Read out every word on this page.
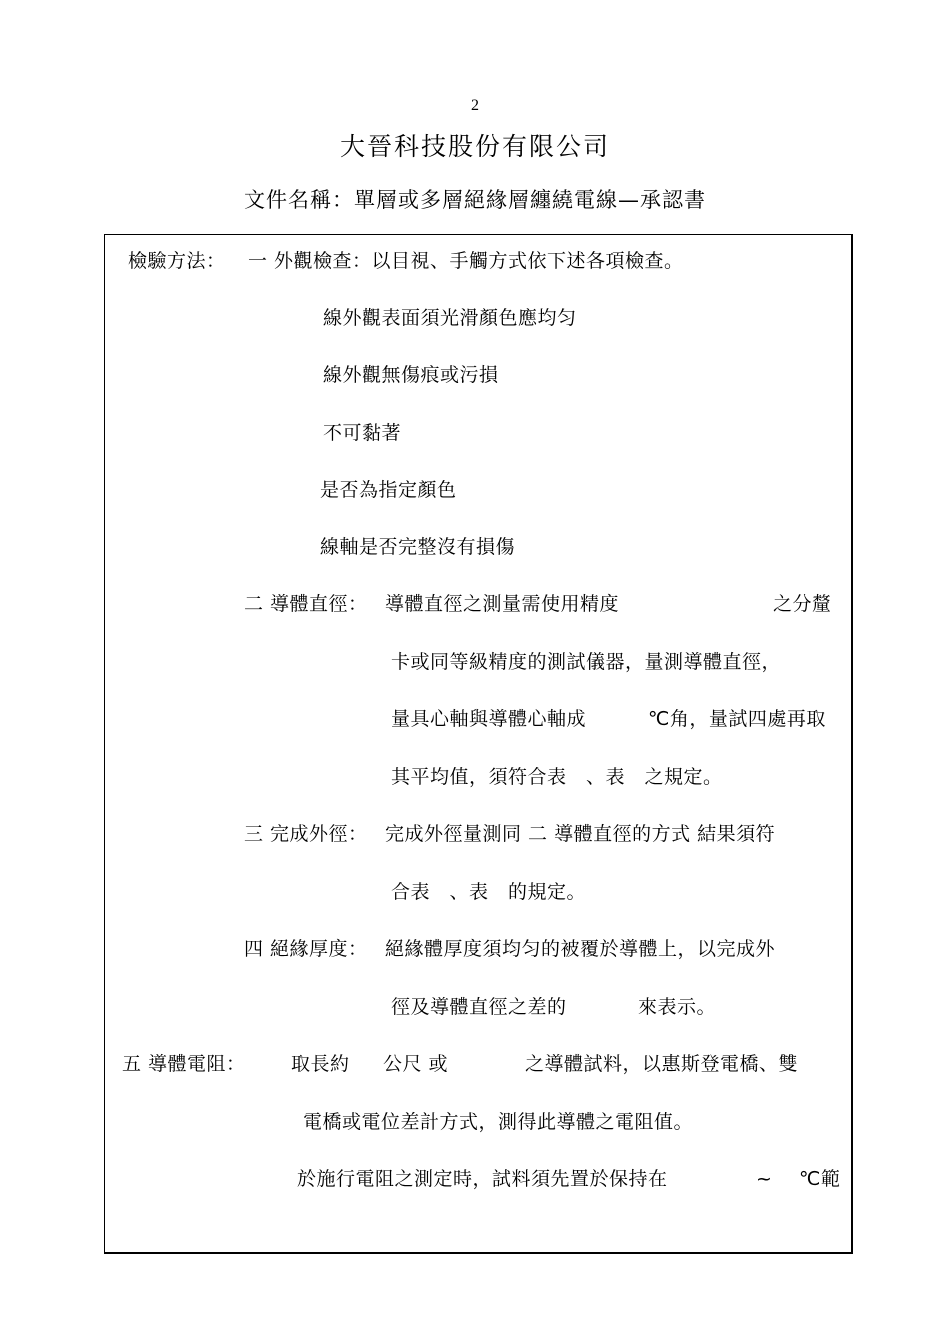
2
大晉科技股份有限公司
文件名稱：單層或多層絕緣層纏繞電線—承認書
檢驗方法： 一 外觀檢查：以目視、手觸方式依下述各項檢查。
線外觀表面須光滑顏色應均匀
線外觀無傷痕或污損
不可黏著
是否為指定顏色
線軸是否完整沒有損傷
二 導體直徑： 導體直徑之測量需使用精度	之分釐
卡或同等級精度的測試儀器，量測導體直徑，
量具心軸與導體心軸成	℃角，量試四處再取
其平均值，須符合表　、表　之規定。
三 完成外徑： 完成外徑量測同 二 導體直徑的方式 結果須符
合表　、表　的規定。
四 絕緣厚度： 絕緣體厚度須均匀的被覆於導體上，以完成外
徑及導體直徑之差的	來表示。
五 導體電阻： 取長約 公尺 或	之導體試料，以惠斯登電橋、雙
電橋或電位差計方式，測得此導體之電阻值。
於施行電阻之測定時，試料須先置於保持在	~ ℃範
